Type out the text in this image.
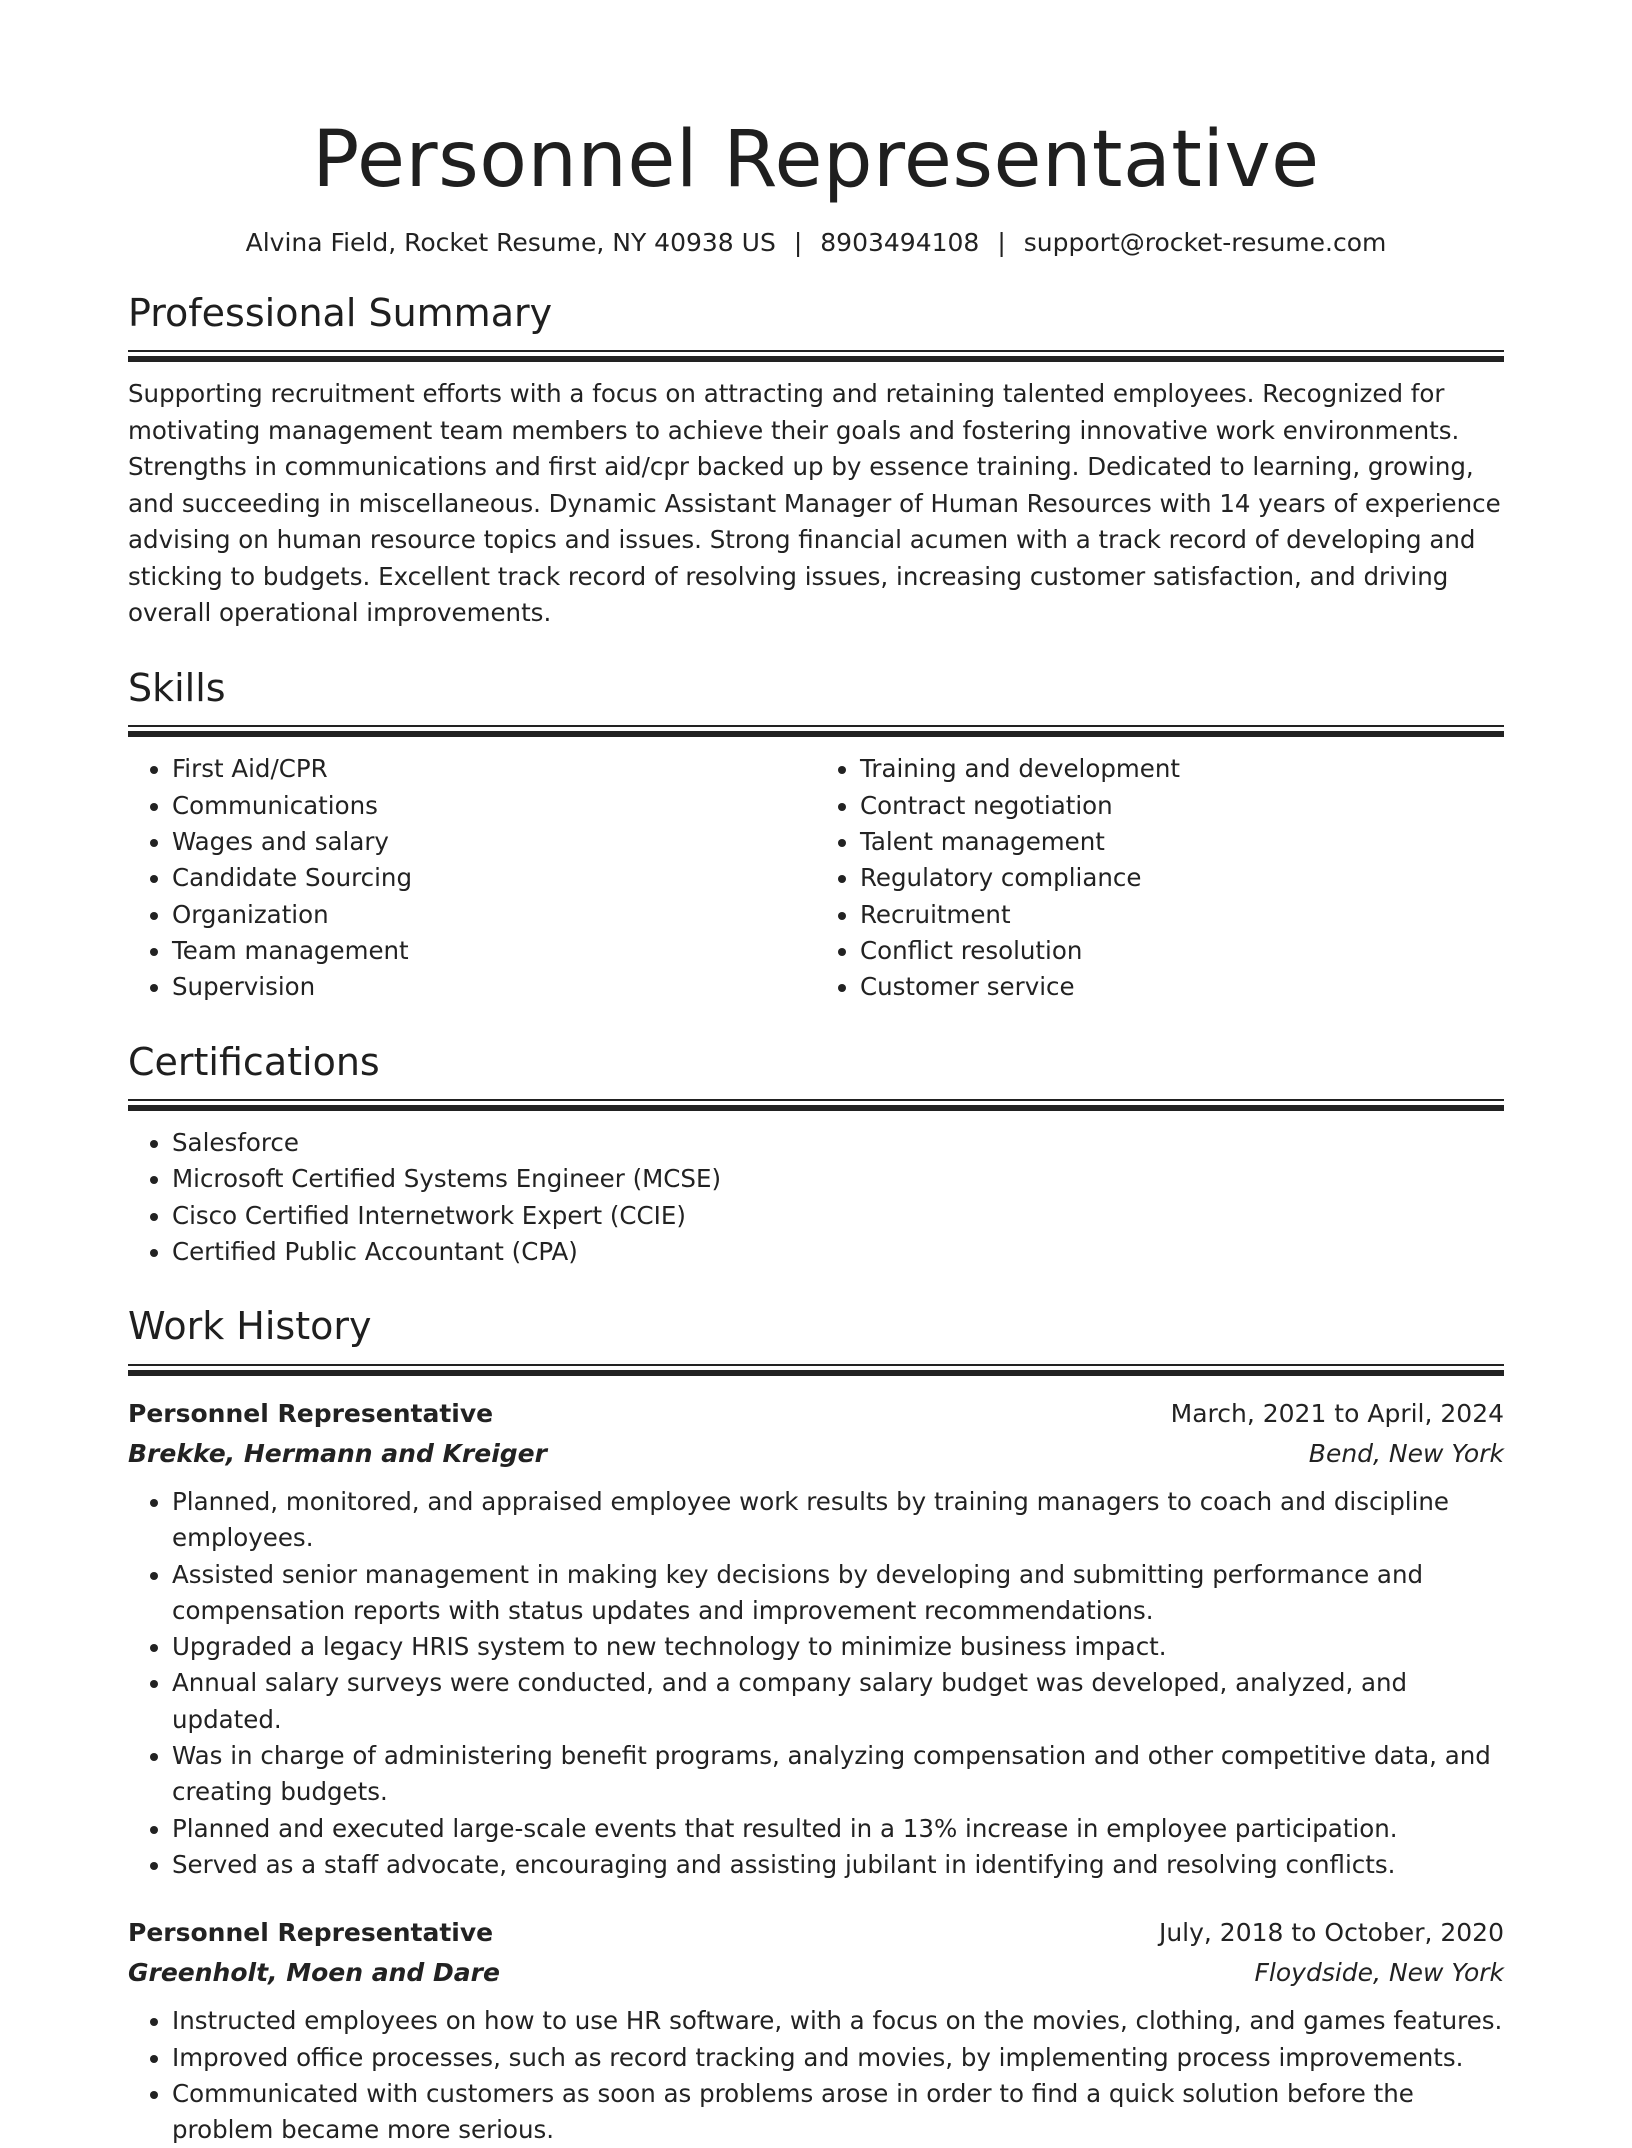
Personnel Representative
Alvina Field, Rocket Resume, NY 40938 US | 8903494108 | support@rocket-resume.com
Professional Summary
Supporting recruitment efforts with a focus on attracting and retaining talented employees. Recognized for motivating management team members to achieve their goals and fostering innovative work environments. Strengths in communications and first aid/cpr backed up by essence training. Dedicated to learning, growing, and succeeding in miscellaneous. Dynamic Assistant Manager of Human Resources with 14 years of experience advising on human resource topics and issues. Strong financial acumen with a track record of developing and sticking to budgets. Excellent track record of resolving issues, increasing customer satisfaction, and driving overall operational improvements.
Skills
• First Aid/CPR
• Communications
• Wages and salary
• Candidate Sourcing
• Organization
• Team management
• Supervision
• Training and development
• Contract negotiation
• Talent management
• Regulatory compliance
• Recruitment
• Conflict resolution
• Customer service
Certifications
• Salesforce
• Microsoft Certified Systems Engineer (MCSE)
• Cisco Certified Internetwork Expert (CCIE)
• Certified Public Accountant (CPA)
Work History
Personnel Representative	March, 2021 to April, 2024
Brekke, Hermann and Kreiger	Bend, New York
• Planned, monitored, and appraised employee work results by training managers to coach and discipline employees.
• Assisted senior management in making key decisions by developing and submitting performance and compensation reports with status updates and improvement recommendations.
• Upgraded a legacy HRIS system to new technology to minimize business impact.
• Annual salary surveys were conducted, and a company salary budget was developed, analyzed, and updated.
• Was in charge of administering benefit programs, analyzing compensation and other competitive data, and creating budgets.
• Planned and executed large-scale events that resulted in a 13% increase in employee participation.
• Served as a staff advocate, encouraging and assisting jubilant in identifying and resolving conflicts.
Personnel Representative	July, 2018 to October, 2020
Greenholt, Moen and Dare	Floydside, New York
• Instructed employees on how to use HR software, with a focus on the movies, clothing, and games features.
• Improved office processes, such as record tracking and movies, by implementing process improvements.
• Communicated with customers as soon as problems arose in order to find a quick solution before the problem became more serious.
